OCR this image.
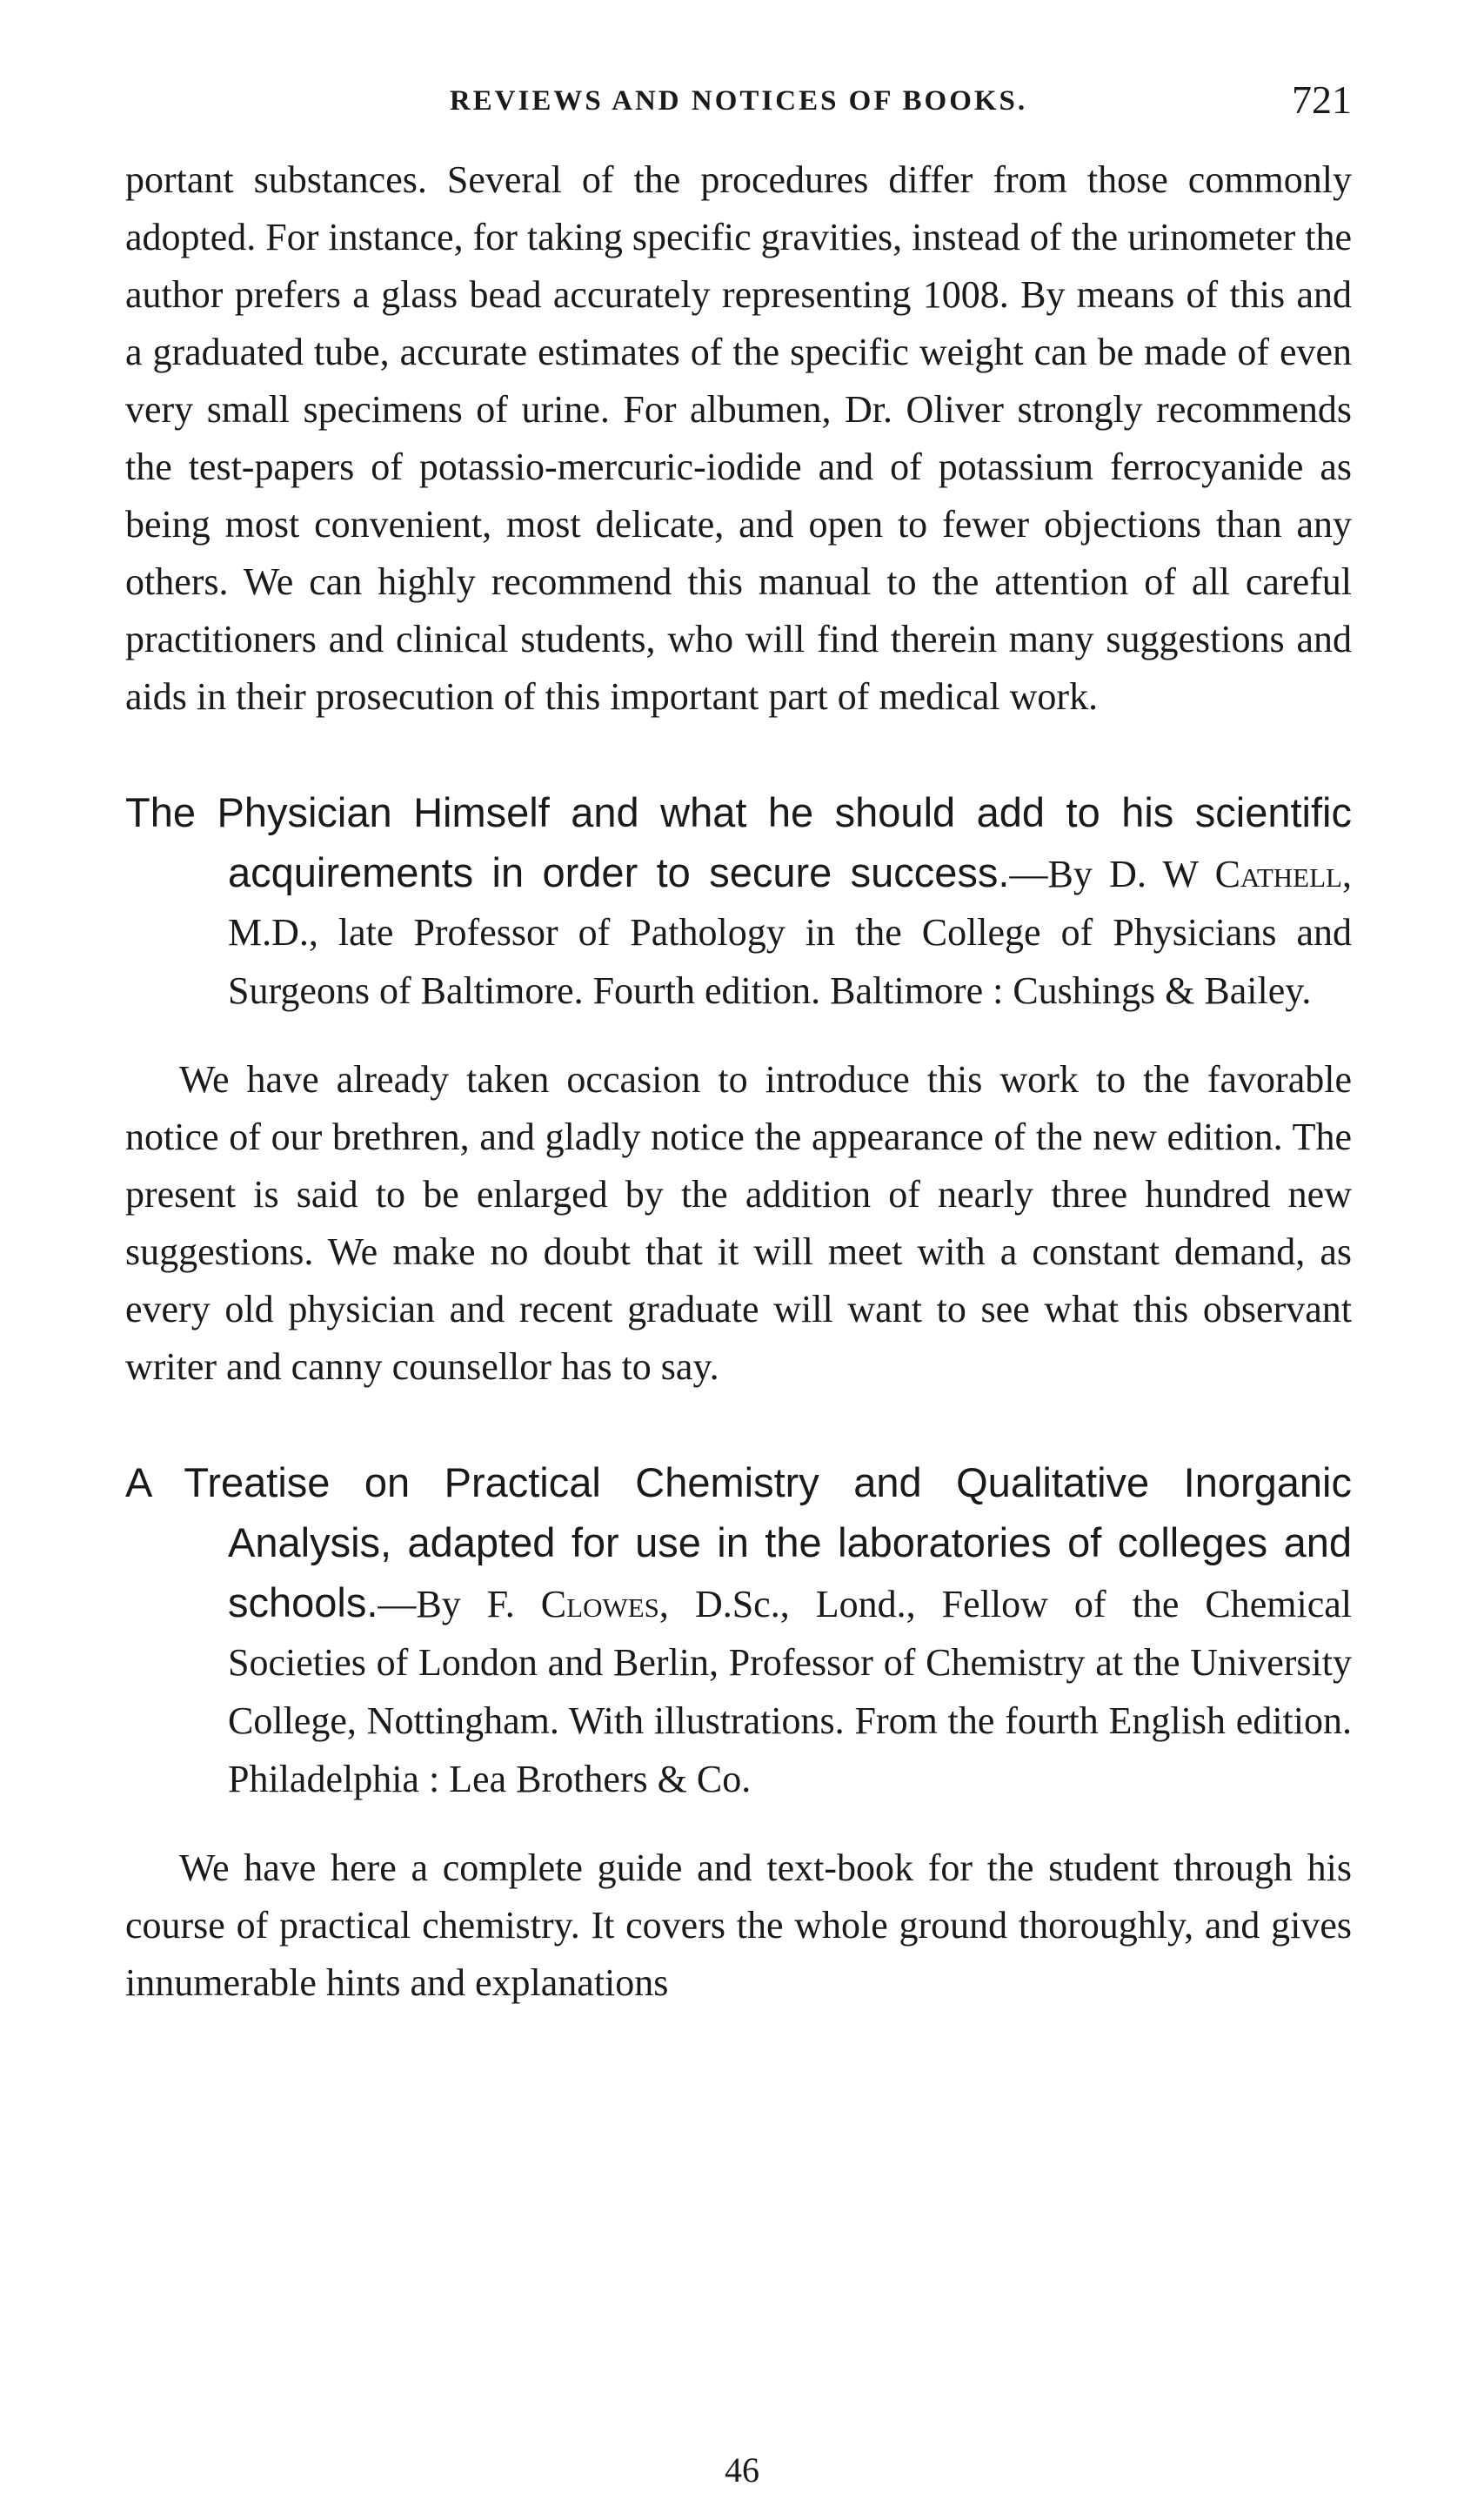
REVIEWS AND NOTICES OF BOOKS.	721

portant substances. Several of the procedures differ from those commonly adopted. For instance, for taking specific gravities, instead of the urinometer the author prefers a glass bead accurately representing 1008. By means of this and a graduated tube, accurate estimates of the specific weight can be made of even very small specimens of urine. For albumen, Dr. Oliver strongly recommends the test-papers of potassio-mercuric-iodide and of potassium ferrocyanide as being most convenient, most delicate, and open to fewer objections than any others. We can highly recommend this manual to the attention of all careful practitioners and clinical students, who will find therein many suggestions and aids in their prosecution of this important part of medical work.

The Physician Himself and what he should add to his scientific acquirements in order to secure success.—By D. W Cathell, M.D., late Professor of Pathology in the College of Physicians and Surgeons of Baltimore. Fourth edition. Baltimore : Cushings & Bailey.

We have already taken occasion to introduce this work to the favorable notice of our brethren, and gladly notice the appearance of the new edition. The present is said to be enlarged by the addition of nearly three hundred new suggestions. We make no doubt that it will meet with a constant demand, as every old physician and recent graduate will want to see what this observant writer and canny counsellor has to say.

A Treatise on Practical Chemistry and Qualitative Inorganic Analysis, adapted for use in the laboratories of colleges and schools.—By F. Clowes, D.Sc., Lond., Fellow of the Chemical Societies of London and Berlin, Professor of Chemistry at the University College, Nottingham. With illustrations. From the fourth English edition. Philadelphia : Lea Brothers & Co.

We have here a complete guide and text-book for the student through his course of practical chemistry. It covers the whole ground thoroughly, and gives innumerable hints and explanations

46
